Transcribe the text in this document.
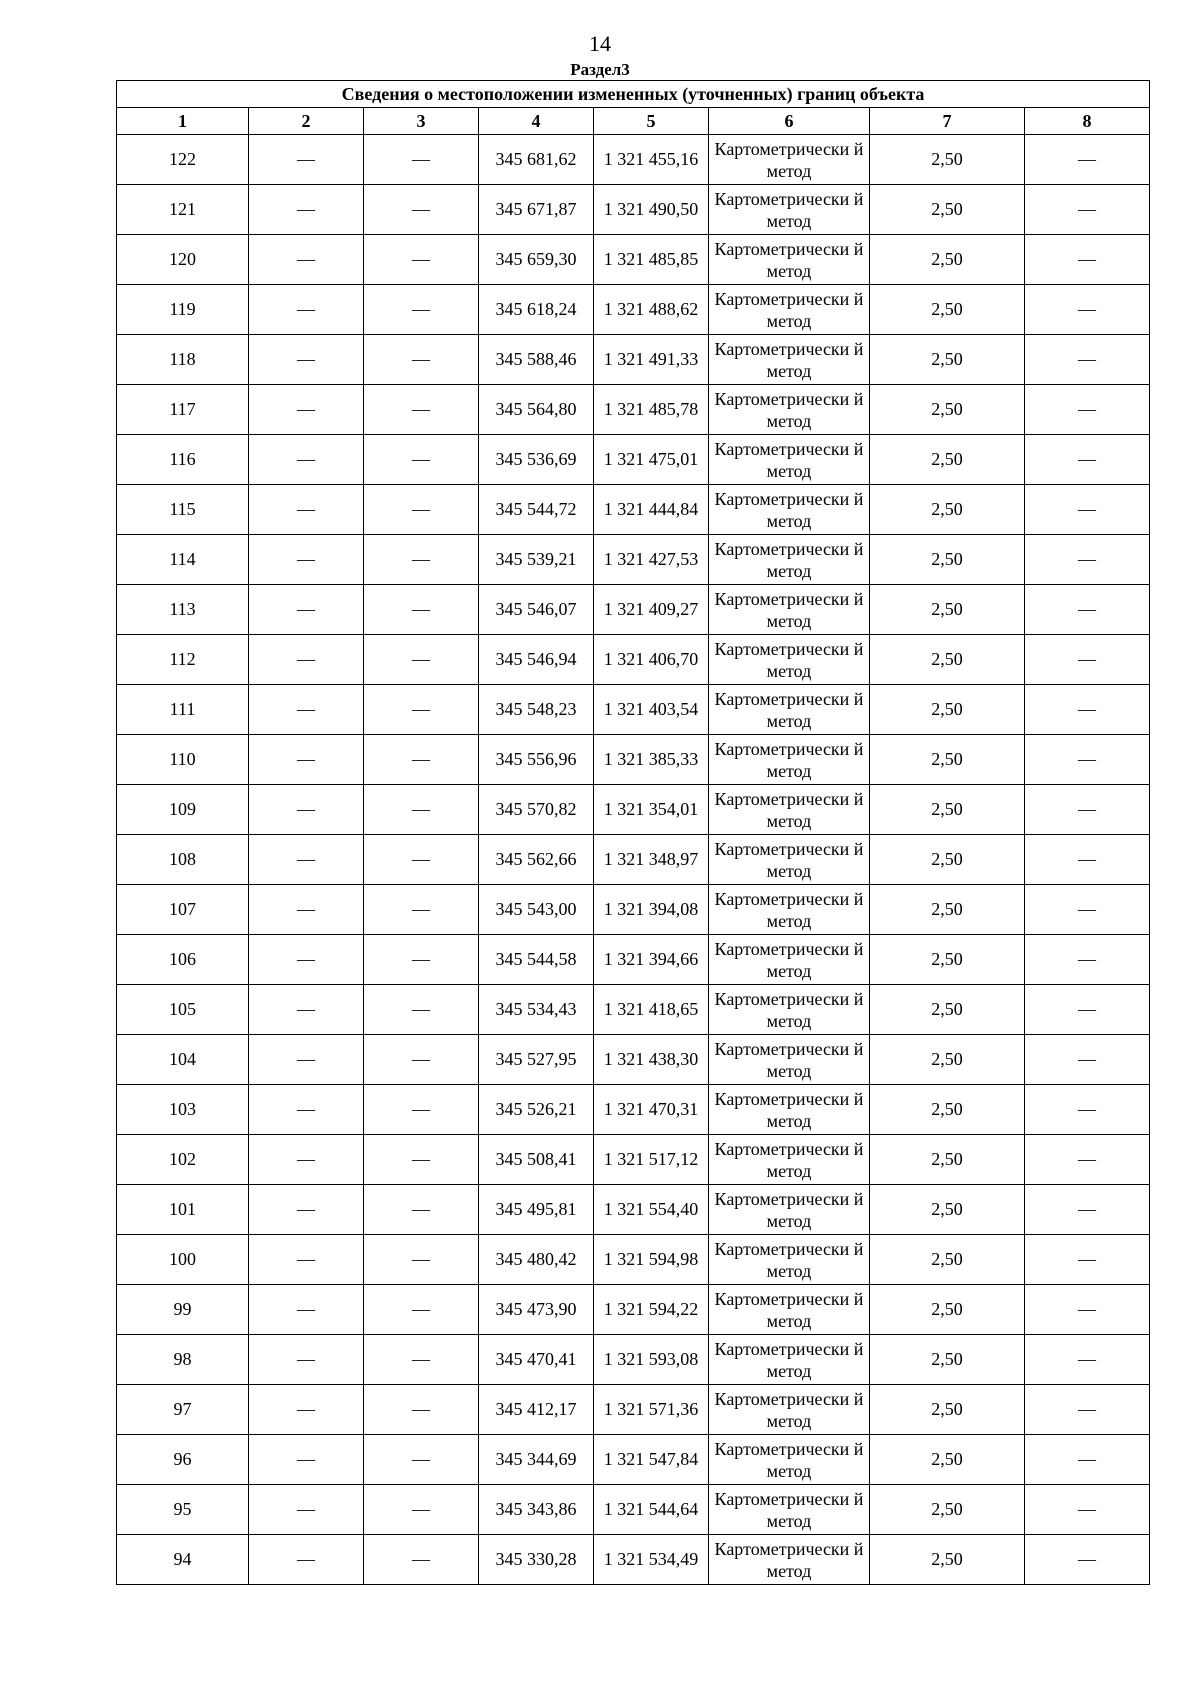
14
Раздел3
Сведения о местоположении измененных (уточненных) границ объекта							
1	2	3	4	5	6	7	8
122	—	—	345 681,62	1 321 455,16	Картометрически й метод	2,50	—
121	—	—	345 671,87	1 321 490,50	Картометрически й метод	2,50	—
120	—	—	345 659,30	1 321 485,85	Картометрически й метод	2,50	—
119	—	—	345 618,24	1 321 488,62	Картометрически й метод	2,50	—
118	—	—	345 588,46	1 321 491,33	Картометрически й метод	2,50	—
117	—	—	345 564,80	1 321 485,78	Картометрически й метод	2,50	—
116	—	—	345 536,69	1 321 475,01	Картометрически й метод	2,50	—
115	—	—	345 544,72	1 321 444,84	Картометрически й метод	2,50	—
114	—	—	345 539,21	1 321 427,53	Картометрически й метод	2,50	—
113	—	—	345 546,07	1 321 409,27	Картометрически й метод	2,50	—
112	—	—	345 546,94	1 321 406,70	Картометрически й метод	2,50	—
111	—	—	345 548,23	1 321 403,54	Картометрически й метод	2,50	—
110	—	—	345 556,96	1 321 385,33	Картометрически й метод	2,50	—
109	—	—	345 570,82	1 321 354,01	Картометрически й метод	2,50	—
108	—	—	345 562,66	1 321 348,97	Картометрически й метод	2,50	—
107	—	—	345 543,00	1 321 394,08	Картометрически й метод	2,50	—
106	—	—	345 544,58	1 321 394,66	Картометрически й метод	2,50	—
105	—	—	345 534,43	1 321 418,65	Картометрически й метод	2,50	—
104	—	—	345 527,95	1 321 438,30	Картометрически й метод	2,50	—
103	—	—	345 526,21	1 321 470,31	Картометрически й метод	2,50	—
102	—	—	345 508,41	1 321 517,12	Картометрически й метод	2,50	—
101	—	—	345 495,81	1 321 554,40	Картометрически й метод	2,50	—
100	—	—	345 480,42	1 321 594,98	Картометрически й метод	2,50	—
99	—	—	345 473,90	1 321 594,22	Картометрически й метод	2,50	—
98	—	—	345 470,41	1 321 593,08	Картометрически й метод	2,50	—
97	—	—	345 412,17	1 321 571,36	Картометрически й метод	2,50	—
96	—	—	345 344,69	1 321 547,84	Картометрически й метод	2,50	—
95	—	—	345 343,86	1 321 544,64	Картометрически й метод	2,50	—
94	—	—	345 330,28	1 321 534,49	Картометрически й метод	2,50	—
